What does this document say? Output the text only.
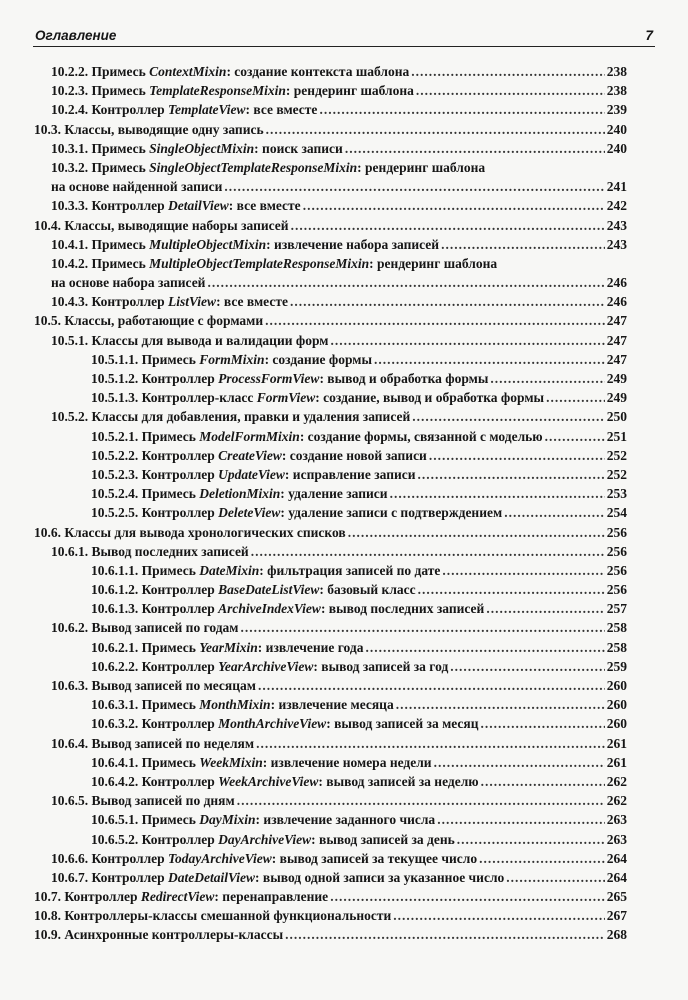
Оглавление	7
10.2.2. Примесь ContextMixin: создание контекста шаблона .....	238
10.2.3. Примесь TemplateResponseMixin: рендеринг шаблона .....	238
10.2.4. Контроллер TemplateView: все вместе .....	239
10.3. Классы, выводящие одну запись .....	240
10.3.1. Примесь SingleObjectMixin: поиск записи .....	240
10.3.2. Примесь SingleObjectTemplateResponseMixin: рендеринг шаблона
на основе найденной записи .....	241
10.3.3. Контроллер DetailView: все вместе .....	242
10.4. Классы, выводящие наборы записей .....	243
10.4.1. Примесь MultipleObjectMixin: извлечение набора записей .....	243
10.4.2. Примесь MultipleObjectTemplateResponseMixin: рендеринг шаблона
на основе набора записей .....	246
10.4.3. Контроллер ListView: все вместе .....	246
10.5. Классы, работающие с формами .....	247
10.5.1. Классы для вывода и валидации форм .....	247
10.5.1.1. Примесь FormMixin: создание формы .....	247
10.5.1.2. Контроллер ProcessFormView: вывод и обработка формы .....	249
10.5.1.3. Контроллер-класс FormView: создание, вывод и обработка формы .....	249
10.5.2. Классы для добавления, правки и удаления записей .....	250
10.5.2.1. Примесь ModelFormMixin: создание формы, связанной с моделью .....	251
10.5.2.2. Контроллер CreateView: создание новой записи .....	252
10.5.2.3. Контроллер UpdateView: исправление записи .....	252
10.5.2.4. Примесь DeletionMixin: удаление записи .....	253
10.5.2.5. Контроллер DeleteView: удаление записи с подтверждением .....	254
10.6. Классы для вывода хронологических списков .....	256
10.6.1. Вывод последних записей .....	256
10.6.1.1. Примесь DateMixin: фильтрация записей по дате .....	256
10.6.1.2. Контроллер BaseDateListView: базовый класс .....	256
10.6.1.3. Контроллер ArchiveIndexView: вывод последних записей .....	257
10.6.2. Вывод записей по годам .....	258
10.6.2.1. Примесь YearMixin: извлечение года .....	258
10.6.2.2. Контроллер YearArchiveView: вывод записей за год .....	259
10.6.3. Вывод записей по месяцам .....	260
10.6.3.1. Примесь MonthMixin: извлечение месяца .....	260
10.6.3.2. Контроллер MonthArchiveView: вывод записей за месяц .....	260
10.6.4. Вывод записей по неделям .....	261
10.6.4.1. Примесь WeekMixin: извлечение номера недели .....	261
10.6.4.2. Контроллер WeekArchiveView: вывод записей за неделю .....	262
10.6.5. Вывод записей по дням .....	262
10.6.5.1. Примесь DayMixin: извлечение заданного числа .....	263
10.6.5.2. Контроллер DayArchiveView: вывод записей за день .....	263
10.6.6. Контроллер TodayArchiveView: вывод записей за текущее число .....	264
10.6.7. Контроллер DateDetailView: вывод одной записи за указанное число .....	264
10.7. Контроллер RedirectView: перенаправление .....	265
10.8. Контроллеры-классы смешанной функциональности .....	267
10.9. Асинхронные контроллеры-классы .....	268
